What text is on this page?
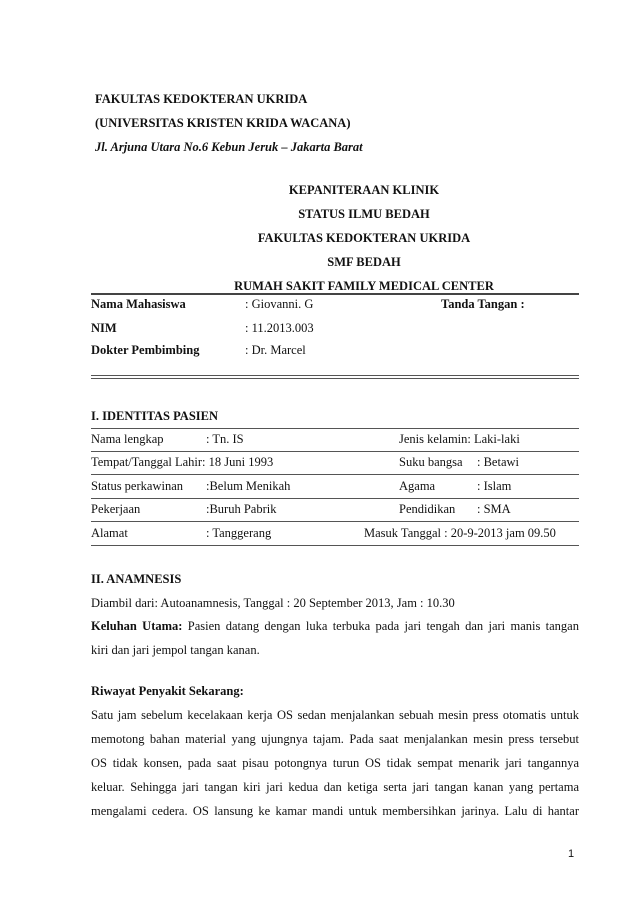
FAKULTAS KEDOKTERAN UKRIDA
(UNIVERSITAS KRISTEN KRIDA WACANA)
Jl. Arjuna Utara No.6 Kebun Jeruk – Jakarta Barat
KEPANITERAAN KLINIK
STATUS ILMU BEDAH
FAKULTAS KEDOKTERAN UKRIDA
SMF BEDAH
RUMAH SAKIT FAMILY MEDICAL CENTER
Nama Mahasiswa	: Giovanni. G	Tanda Tangan :
NIM	: 11.2013.003
Dokter Pembimbing	: Dr. Marcel
I. IDENTITAS PASIEN
Nama lengkap	: Tn. IS	Jenis kelamin: Laki-laki
Tempat/Tanggal Lahir: 18 Juni 1993	Suku bangsa : Betawi
Status perkawinan :Belum Menikah	Agama	: Islam
Pekerjaan	:Buruh Pabrik	Pendidikan : SMA
Alamat	: Tanggerang	Masuk Tanggal : 20-9-2013 jam 09.50
II. ANAMNESIS
Diambil dari: Autoanamnesis, Tanggal : 20 September 2013, Jam : 10.30
Keluhan Utama: Pasien datang dengan luka terbuka pada jari tengah dan jari manis tangan
kiri dan jari jempol tangan kanan.
Riwayat Penyakit Sekarang:
Satu jam sebelum kecelakaan kerja OS sedan menjalankan sebuah mesin press otomatis untuk
memotong bahan material yang ujungnya tajam. Pada saat menjalankan mesin press tersebut
OS tidak konsen, pada saat pisau potongnya turun OS tidak sempat menarik jari tangannya
keluar. Sehingga jari tangan kiri jari kedua dan ketiga serta jari tangan kanan yang pertama
mengalami cedera. OS lansung ke kamar mandi untuk membersihkan jarinya. Lalu di hantar
1
